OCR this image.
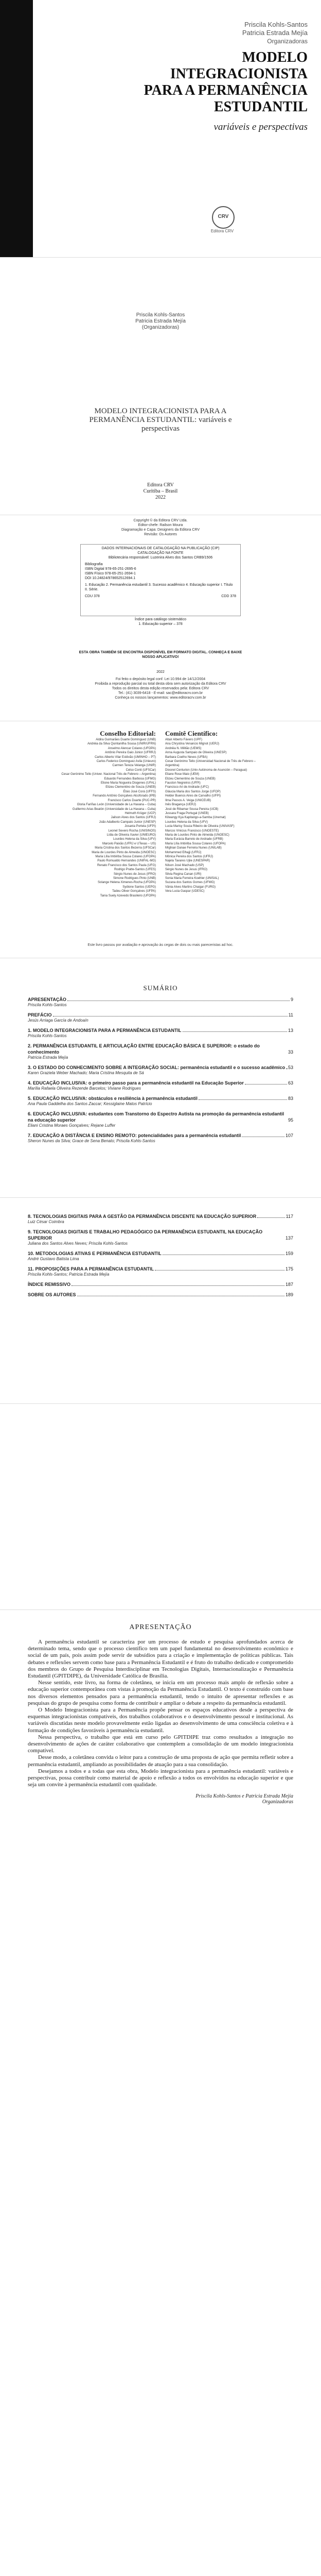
Priscila Kohls-Santos
Patricia Estrada Mejía
Organizadoras
MODELO
INTEGRACIONISTA
PARA A PERMANÊNCIA
ESTUDANTIL
variáveis e perspectivas
CRV
Editora CRV
Priscila Kohls-Santos
Patricia Estrada Mejía
(Organizadoras)
MODELO INTEGRACIONISTA PARA A PERMANÊNCIA ESTUDANTIL: variáveis e perspectivas
Editora CRV
Curitiba – Brasil
2022
Copyright © da Editora CRV Ltda.
Editor-chefe: Railson Moura
Diagramação e Capa: Designers da Editora CRV
Revisão: Os Autores
DADOS INTERNACIONAIS DE CATALOGAÇÃO NA PUBLICAÇÃO (CIP)
CATALOGAÇÃO NA FONTE
Bibliotecária responsável: Luzenira Alves dos Santos CRB9/1506
Bibliografia
ISBN Digital 978-65-251-2695-6
ISBN Físico 978-65-251-2694-1
DOI 10.24824/978652512694.1
1. Educação 2. Permanência estudantil 3. Sucesso acadêmico 4. Educação superior I. Título II. Série.
CDU 378	CDD 378
Índice para catálogo sistemático
1. Educação superior – 378
ESTA OBRA TAMBÉM SE ENCONTRA DISPONÍVEL EM FORMATO DIGITAL. CONHEÇA E BAIXE NOSSO APLICATIVO!
2022
Foi feito o depósito legal conf. Lei 10.994 de 14/12/2004
Proibida a reprodução parcial ou total desta obra sem autorização da Editora CRV
Todos os direitos desta edição reservados pela: Editora CRV
Tel.: (41) 3039-6418 - E-mail: sac@editoracrv.com.br
Conheça os nossos lançamentos: www.editoracrv.com.br
Conselho Editorial:
Aldira Guimarães Duarte Domínguez (UNB)
Andréia da Silva Quintanilha Sousa (UNIR/UFRN)
Anselmo Alencar Colares (UFOPA)
Antônio Pereira Gaio Júnior (UFRRJ)
Carlos Alberto Vilar Estêvão (UMINHO – PT)
Carlos Federico Dominguez Avila (Unieuro)
Carmen Tereza Velanga (UNIR)
Celso Conti (UFSCar)
Cesar Gerónimo Tello (Univer. Nacional Três de Febrero – Argentina)
Eduardo Fernandes Barbosa (UFMG)
Elione Maria Nogueira Diogenes (UFAL)
Elizeu Clementino de Souza (UNEB)
Élsio José Corá (UFFS)
Fernando Antônio Gonçalves Alcoforado (IPB)
Francisco Carlos Duarte (PUC-PR)
Gloria Fariñas León (Universidade de La Havana – Cuba)
Guillermo Arias Beatón (Universidade de La Havana – Cuba)
Helmuth Krüger (UCP)
Jailson Alves dos Santos (UFRJ)
João Adalberto Campato Junior (UNESP)
Josania Portela (UFPI)
Leonel Severo Rocha (UNISINOS)
Lídia de Oliveira Xavier (UNIEURO)
Lourdes Helena da Silva (UFV)
Marcelo Paixão (UFRJ e UTexas – US)
Maria Cristina dos Santos Bezerra (UFSCar)
Maria de Lourdes Pinto de Almeida (UNOESC)
Maria Lília Imbiriba Sousa Colares (UFOPA)
Paulo Romualdo Hernandes (UNIFAL-MG)
Renato Francisco dos Santos Paula (UFG)
Rodrigo Pratte-Santos (UFES)
Sérgio Nunes de Jesus (IFRO)
Simone Rodrigues Pinto (UNB)
Solange Helena Ximenes-Rocha (UFOPA)
Sydione Santos (UEPG)
Tadeu Oliver Gonçalves (UFPA)
Tania Suely Azevedo Brasileiro (UFOPA)
Comitê Científico:
Altair Alberto Fávero (UPF)
Ana Chrystina Venancio Mignot (UERJ)
Andréia N. Militão (UEMS)
Anna Augusta Sampaio de Oliveira (UNESP)
Barbara Coelho Neves (UFBA)
Cesar Gerónimo Tello (Universidad Nacional de Três de Febrero – Argentina)
Diosnel Centurion (Univ Autónoma de Asunción – Paraguai)
Eliane Rose Maio (UEM)
Elizeu Clementino de Souza (UNEB)
Fauston Negreiros (UFPI)
Francisco Ari de Andrade (UFC)
Gláucia Maria dos Santos Jorge (UFOP)
Helder Buenos Aires de Carvalho (UFPI)
Ilma Passos A. Veiga (UNICEUB)
Inês Bragança (UERJ)
José de Ribamar Sousa Pereira (UCB)
Jussara Fraga Portugal (UNEB)
Kilwangy Kya Kapitango-a-Samba (Unemat)
Lourdes Helena da Silva (UFV)
Lucia Marisy Souza Ribeiro de Oliveira (UNIVASF)
Marcos Vinicius Francisco (UNOESTE)
Maria de Lourdes Pinto de Almeida (UNOESC)
Maria Eurácia Barreto de Andrade (UFRB)
Maria Lília Imbiriba Sousa Colares (UFOPA)
Míghian Danae Ferreira Nunes (UNILAB)
Mohammed Elhajji (UFRJ)
Mônica Pereira dos Santos (UFRJ)
Najela Tavares Ujiie (UNESPAR)
Nilson José Machado (USP)
Sérgio Nunes de Jesus (IFRO)
Silvia Regina Canan (URI)
Sonia Maria Ferreira Koehler (UNISAL)
Suzana dos Santos Gomes (UFMG)
Vânia Alves Martins Chaigar (FURG)
Vera Lucia Gaspar (UDESC)
Este livro passou por avaliação e aprovação às cegas de dois ou mais pareceristas ad hoc.
SUMÁRIO
APRESENTAÇÃO	9
Priscila Kohls-Santos
PREFÁCIO	11
Jesús Arriaga García de Andoaín
1. MODELO INTEGRACIONISTA PARA A PERMANÊNCIA ESTUDANTIL	13
Priscila Kohls-Santos
2. PERMANÊNCIA ESTUDANTIL E ARTICULAÇÃO ENTRE EDUCAÇÃO BÁSICA E SUPERIOR: o estado do conhecimento	33
Patricia Estrada Mejía
3. O ESTADO DO CONHECIMENTO SOBRE A INTEGRAÇÃO SOCIAL: permanência estudantil e o sucesso acadêmico 53
Karen Graziela Weber Machado; Maria Cristina Mesquita de Sá
4. EDUCAÇÃO INCLUSIVA: o primeiro passo para a permanência estudantil na Educação Superior	63
Marília Rafaela Oliveira Rezende Barcelos; Viviane Rodrigues
5. EDUCAÇÃO INCLUSIVA: obstáculos e resiliência à permanência estudantil	83
Ana Paula Gaddelha dos Santos Zaccar; Kessiglaine Matos Patrício
6. EDUCAÇÃO INCLUSIVA: estudantes com Transtorno do Espectro Autista na promoção da permanência estudantil na educação superior	95
Eliani Cristina Moraes Gonçalves; Rejane Luffer
7. EDUCAÇÃO A DISTÂNCIA E ENSINO REMOTO: potencialidades para a permanência estudantil	107
Sheron Nunes da Silva; Grace de Sena Benato; Priscila Kohls-Santos
8. TECNOLOGIAS DIGITAIS PARA A GESTÃO DA PERMANÊNCIA DISCENTE NA EDUCAÇÃO SUPERIOR	117
Luiz César Coimbra
9. TECNOLOGIAS DIGITAIS E TRABALHO PEDAGÓGICO DA PERMANÊNCIA ESTUDANTIL NA EDUCAÇÃO SUPERIOR	137
Juliana dos Santos Alves Neves; Priscila Kohls-Santos
10. METODOLOGIAS ATIVAS E PERMANÊNCIA ESTUDANTIL	159
André Gustavo Batista Lima
11. PROPOSIÇÕES PARA A PERMANÊNCIA ESTUDANTIL	175
Priscila Kohls-Santos; Patricia Estrada Mejía
ÍNDICE REMISSIVO	187
SOBRE OS AUTORES	189
APRESENTAÇÃO

A permanência estudantil se caracteriza por um processo de estudo e pesquisa aprofundados acerca de determinado tema, sendo que o processo científico tem um papel fundamental no desenvolvimento econômico e social de um país, pois assim pode servir de subsídios para a criação e implementação de políticas públicas. Tais debates e reflexões servem como base para a Permanência Estudantil e é fruto do trabalho dedicado e comprometido dos membros do Grupo de Pesquisa Interdisciplinar em Tecnologias Digitais, Internacionalização e Permanência Estudantil (GPITDIPE), da Universidade Católica de Brasília.

Nesse sentido, este livro, na forma de coletânea, se inicia em um processo mais amplo de reflexão sobre a educação superior contemporânea com vistas à promoção da Permanência Estudantil. O texto é construído com base nos diversos elementos pensados para a permanência estudantil, tendo o intuito de apresentar reflexões e as pesquisas do grupo de pesquisa como forma de contribuir e ampliar o debate a respeito da permanência estudantil.

O Modelo Integracionista para a Permanência propõe pensar os espaços educativos desde a perspectiva de esquemas integracionistas compatíveis, dos trabalhos colaborativos e o desenvolvimento pessoal e institucional. As variáveis discutidas neste modelo provavelmente estão ligadas ao desenvolvimento de uma consciência coletiva e à formação de condições favoráveis à permanência estudantil.

Nessa perspectiva, o trabalho que está em curso pelo GPITDIPE traz como resultados a integração no desenvolvimento de ações de caráter colaborativo que contemplem a consolidação de um modelo integracionista compatível.

Desse modo, a coletânea convida o leitor para a construção de uma proposta de ação que permita refletir sobre a permanência estudantil, ampliando as possibilidades de atuação para a sua consolidação.

Desejamos a todos e a todas que esta obra, Modelo integracionista para a permanência estudantil: variáveis e perspectivas, possa contribuir como material de apoio e reflexão a todos os envolvidos na educação superior e que seja um convite à permanência estudantil com qualidade.

Priscila Kohls-Santos e Patricia Estrada Mejía
Organizadoras
